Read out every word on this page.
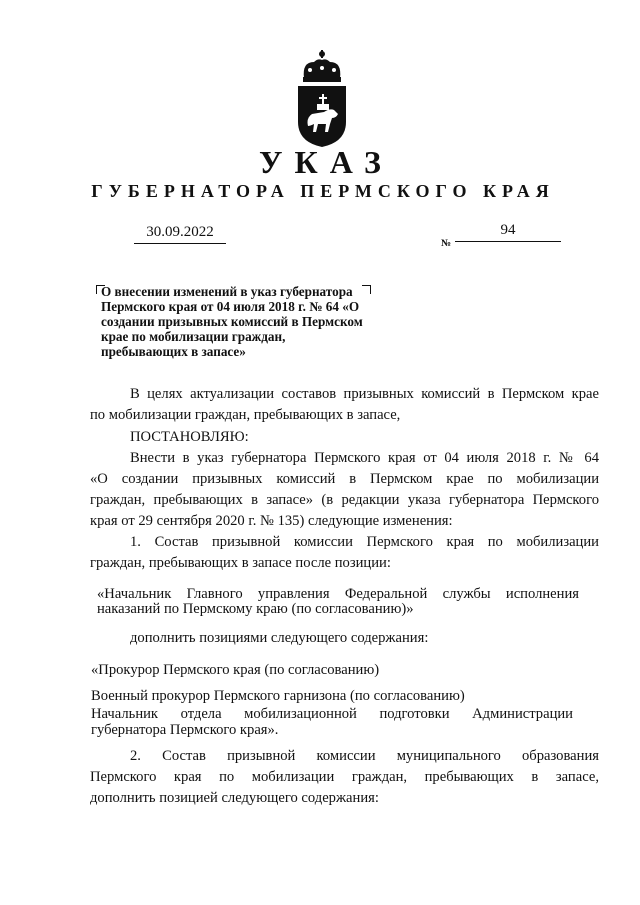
УКАЗ
ГУБЕРНАТОРА ПЕРМСКОГО КРАЯ
30.09.2022
№
94
О внесении изменений в указ губернатора Пермского края от 04 июля 2018 г. № 64 «О создании призывных комиссий в Пермском крае по мобилизации граждан, пребывающих в запасе»

В целях актуализации составов призывных комиссий в Пермском крае

по мобилизации граждан, пребывающих в запасе,

ПОСТАНОВЛЯЮ:

Внести в указ губернатора Пермского края от 04 июля 2018 г. № 64

«О создании призывных комиссий в Пермском крае по мобилизации

граждан, пребывающих в запасе» (в редакции указа губернатора Пермского

края от 29 сентября 2020 г. № 135) следующие изменения:

1. Состав призывной комиссии Пермского края по мобилизации

граждан, пребывающих в запасе после позиции:

«Начальник Главного управления Федеральной службы исполнения

наказаний по Пермскому краю (по согласованию)»

дополнить позициями следующего содержания:

«Прокурор Пермского края (по согласованию)

Военный прокурор Пермского гарнизона (по согласованию)

Начальник отдела мобилизационной подготовки Администрации

губернатора Пермского края».

2. Состав призывной комиссии муниципального образования

Пермского края по мобилизации граждан, пребывающих в запасе,

дополнить позицией следующего содержания:
